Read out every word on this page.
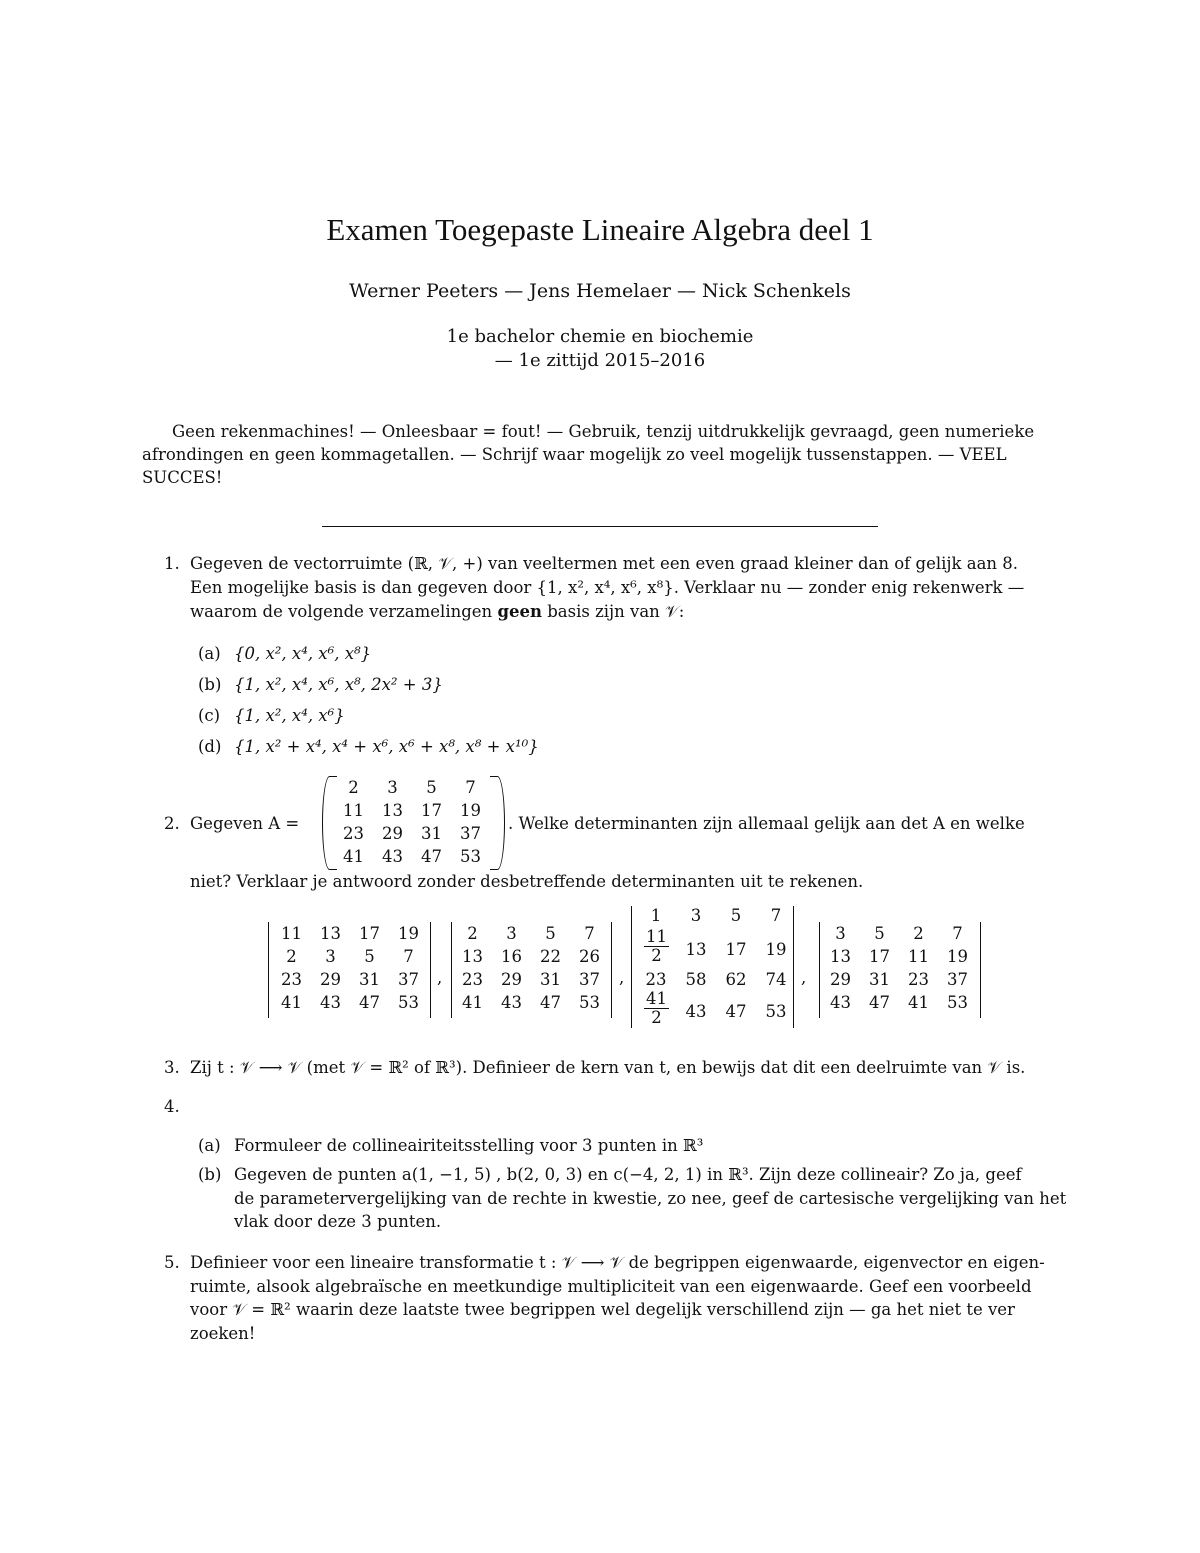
Examen Toegepaste Lineaire Algebra deel 1
Werner Peeters — Jens Hemelaer — Nick Schenkels
1e bachelor chemie en biochemie
— 1e zittijd 2015–2016
Geen rekenmachines! — Onleesbaar = fout! — Gebruik, tenzij uitdrukkelijk gevraagd, geen numerieke
afrondingen en geen kommagetallen. — Schrijf waar mogelijk zo veel mogelijk tussenstappen. — VEEL
SUCCES!
1. Gegeven de vectorruimte (ℝ, 𝒱, +) van veeltermen met een even graad kleiner dan of gelijk aan 8.
Een mogelijke basis is dan gegeven door {1, x², x⁴, x⁶, x⁸}. Verklaar nu — zonder enig rekenwerk —
waarom de volgende verzamelingen geen basis zijn van 𝒱:
(a) {0, x², x⁴, x⁶, x⁸}
(b) {1, x², x⁴, x⁶, x⁸, 2x² + 3}
(c) {1, x², x⁴, x⁶}
(d) {1, x² + x⁴, x⁴ + x⁶, x⁶ + x⁸, x⁸ + x¹⁰}
2. Gegeven A =
2	3	5	7
11	13	17	19
23	29	31	37
41	43	47	53
. Welke determinanten zijn allemaal gelijk aan det A en welke
niet? Verklaar je antwoord zonder desbetreffende determinanten uit te rekenen.
11	13	17	19
2	3	5	7
23	29	31	37
41	43	47	53
,
2	3	5	7
13	16	22	26
23	29	31	37
41	43	47	53
,
1	3	5	7
$\frac{11}{2}$	13	17	19
23	58	62	74
$\frac{41}{2}$	43	47	53
,
3	5	2	7
13	17	11	19
29	31	23	37
43	47	41	53
3. Zij t : 𝒱 ⟶ 𝒱 (met 𝒱 = ℝ² of ℝ³). Definieer de kern van t, en bewijs dat dit een deelruimte van 𝒱 is.
4.
(a) Formuleer de collineairiteitsstelling voor 3 punten in ℝ³
(b) Gegeven de punten a(1, −1, 5) , b(2, 0, 3) en c(−4, 2, 1) in ℝ³. Zijn deze collineair? Zo ja, geef
de parametervergelijking van de rechte in kwestie, zo nee, geef de cartesische vergelijking van het
vlak door deze 3 punten.
5. Definieer voor een lineaire transformatie t : 𝒱 ⟶ 𝒱 de begrippen eigenwaarde, eigenvector en eigen-
ruimte, alsook algebraïsche en meetkundige multipliciteit van een eigenwaarde. Geef een voorbeeld
voor 𝒱 = ℝ² waarin deze laatste twee begrippen wel degelijk verschillend zijn — ga het niet te ver
zoeken!
